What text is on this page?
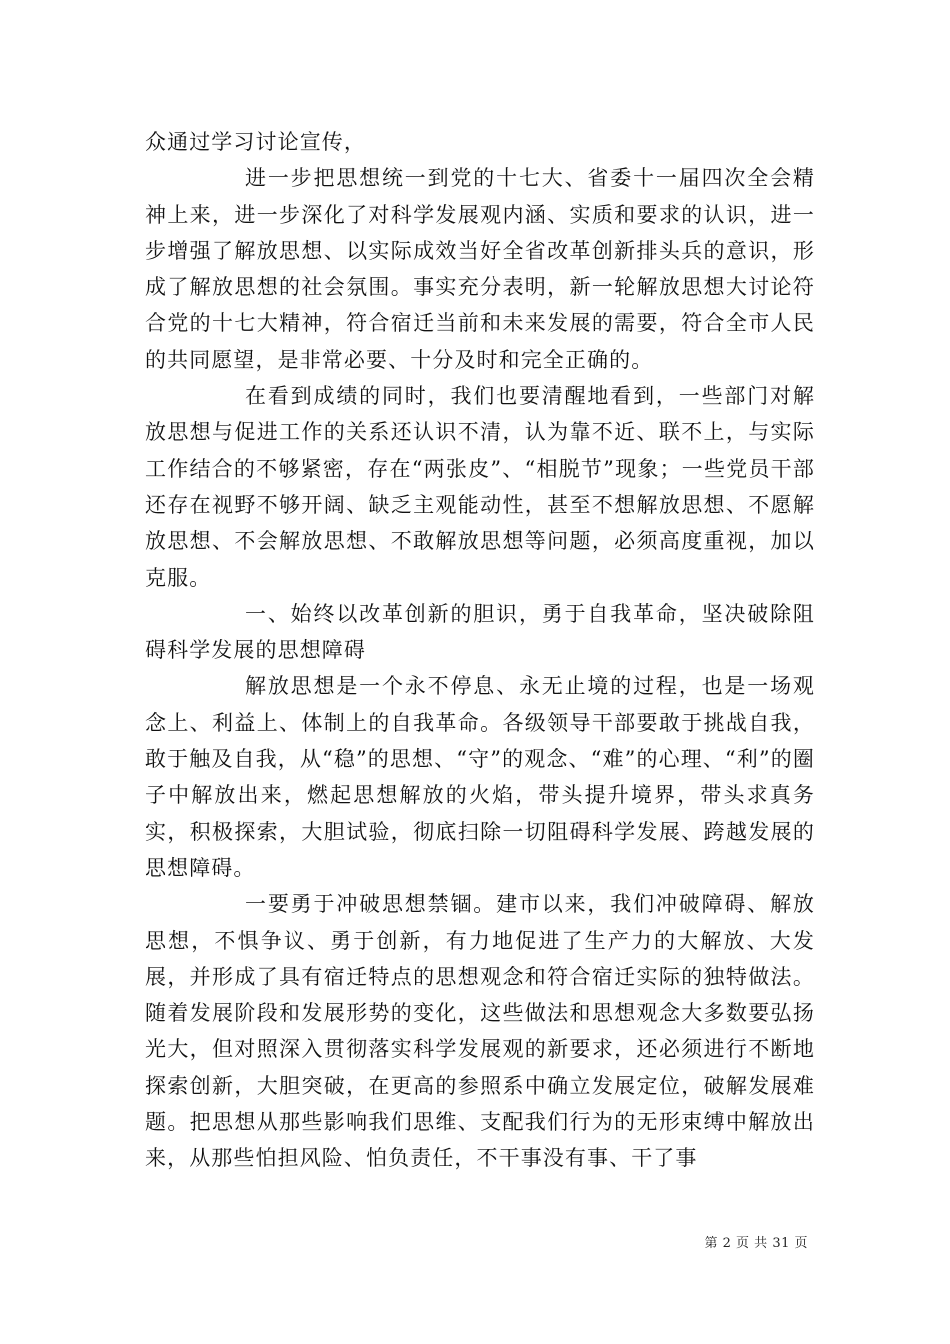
众通过学习讨论宣传，

进一步把思想统一到党的十七大、省委十一届四次全会精神上来，进一步深化了对科学发展观内涵、实质和要求的认识，进一步增强了解放思想、以实际成效当好全省改革创新排头兵的意识，形成了解放思想的社会氛围。事实充分表明，新一轮解放思想大讨论符合党的十七大精神，符合宿迁当前和未来发展的需要，符合全市人民的共同愿望，是非常必要、十分及时和完全正确的。

在看到成绩的同时，我们也要清醒地看到，一些部门对解放思想与促进工作的关系还认识不清，认为靠不近、联不上，与实际工作结合的不够紧密，存在“两张皮”、“相脱节”现象；一些党员干部还存在视野不够开阔、缺乏主观能动性，甚至不想解放思想、不愿解放思想、不会解放思想、不敢解放思想等问题，必须高度重视，加以克服。

一、始终以改革创新的胆识，勇于自我革命，坚决破除阻碍科学发展的思想障碍

解放思想是一个永不停息、永无止境的过程，也是一场观念上、利益上、体制上的自我革命。各级领导干部要敢于挑战自我，敢于触及自我，从“稳”的思想、“守”的观念、“难”的心理、“利”的圈子中解放出来，燃起思想解放的火焰，带头提升境界，带头求真务实，积极探索，大胆试验，彻底扫除一切阻碍科学发展、跨越发展的思想障碍。

一要勇于冲破思想禁锢。建市以来，我们冲破障碍、解放思想，不惧争议、勇于创新，有力地促进了生产力的大解放、大发展，并形成了具有宿迁特点的思想观念和符合宿迁实际的独特做法。随着发展阶段和发展形势的变化，这些做法和思想观念大多数要弘扬光大，但对照深入贯彻落实科学发展观的新要求，还必须进行不断地探索创新，大胆突破，在更高的参照系中确立发展定位，破解发展难题。把思想从那些影响我们思维、支配我们行为的无形束缚中解放出来，从那些怕担风险、怕负责任，不干事没有事、干了事

第 2 页 共 31 页
